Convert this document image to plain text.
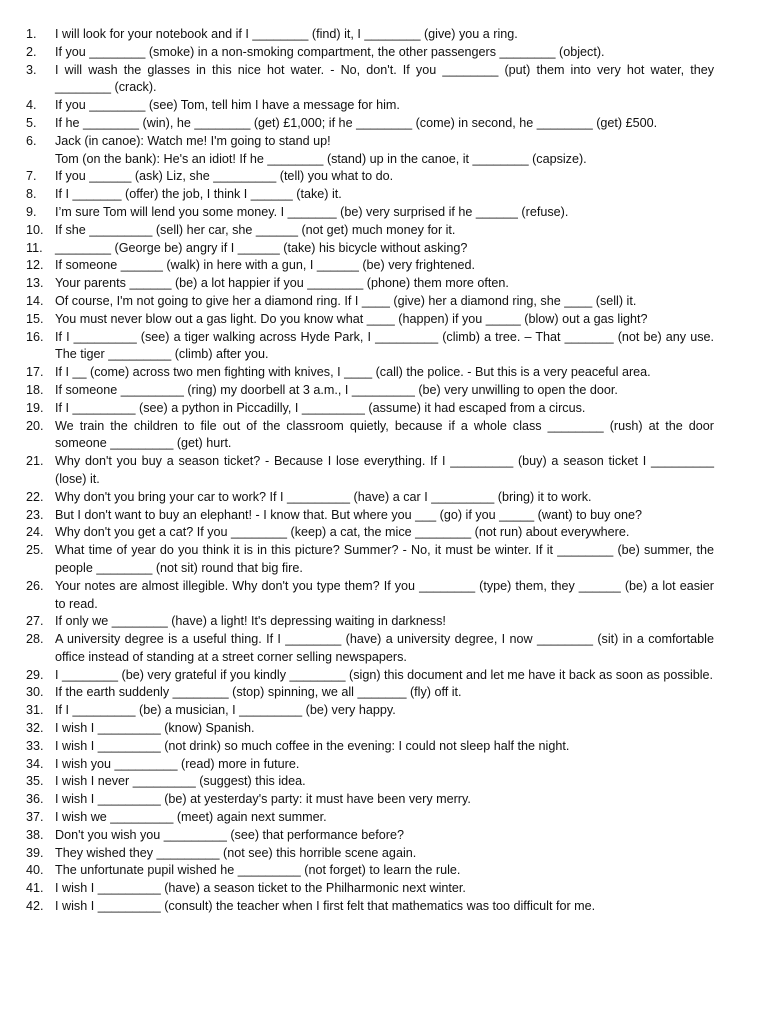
1.	I will look for your notebook and if I ________ (find) it, I ________ (give) you a ring.
2.	If you ________ (smoke) in a non-smoking compartment, the other passengers ________ (object).
3.	I will wash the glasses in this nice hot water. - No, don't. If you ________ (put) them into very hot water, they ________ (crack).
4.	If you ________ (see) Tom, tell him I have a message for him.
5.	If he ________ (win), he ________ (get) £1,000; if he ________ (come) in second, he ________ (get) £500.
6.	Jack (in canoe): Watch me! I'm going to stand up!
Tom (on the bank): He's an idiot! If he ________ (stand) up in the canoe, it ________ (capsize).
7.	If you ______ (ask) Liz, she _________ (tell) you what to do.
8.	If I _______ (offer) the job, I think I ______ (take) it.
9.	I’m sure Tom will lend you some money. I _______ (be) very surprised if he ______ (refuse).
10. If she _________ (sell) her car, she ______ (not get) much money for it.
11. ________ (George be) angry if I ______ (take) his bicycle without asking?
12. If someone ______ (walk) in here with a gun, I ______ (be) very frightened.
13. Your parents ______ (be) a lot happier if you ________ (phone) them more often.
14. Of course, I'm not going to give her a diamond ring. If I ____ (give) her a diamond ring, she ____ (sell) it.
15. You must never blow out a gas light. Do you know what ____ (happen) if you _____ (blow) out a gas light?
16. If I _________ (see) a tiger walking across Hyde Park, I _________ (climb) a tree. – That _______ (not be) any use. The tiger _________ (climb) after you.
17. If I __ (come) across two men fighting with knives, I ____ (call) the police. - But this is a very peaceful area.
18. If someone _________ (ring) my doorbell at 3 a.m., I _________ (be) very unwilling to open the door.
19. If I _________ (see) a python in Piccadilly, I _________ (assume) it had escaped from a circus.
20. We train the children to file out of the classroom quietly, because if a whole class ________ (rush) at the door someone _________ (get) hurt.
21. Why don't you buy a season ticket? - Because I lose everything. If I _________ (buy) a season ticket I _________ (lose) it.
22. Why don't you bring your car to work? If I _________ (have) a car I _________ (bring) it to work.
23. But I don't want to buy an elephant! - I know that. But where you ___ (go) if you _____ (want) to buy one?
24. Why don't you get a cat? If you ________ (keep) a cat, the mice ________ (not run) about everywhere.
25. What time of year do you think it is in this picture? Summer? - No, it must be winter. If it ________ (be) summer, the people ________ (not sit) round that big fire.
26. Your notes are almost illegible. Why don't you type them? If you ________ (type) them, they ______ (be) a lot easier to read.
27. If only we ________ (have) a light! It's depressing waiting in darkness!
28. A university degree is a useful thing. If I ________ (have) a university degree, I now ________ (sit) in a comfortable office instead of standing at a street corner selling newspapers.
29. I ________ (be) very grateful if you kindly ________ (sign) this document and let me have it back as soon as possible.
30. If the earth suddenly ________ (stop) spinning, we all _______ (fly) off it.
31. If I _________ (be) a musician, I _________ (be) very happy.
32. I wish I _________ (know) Spanish.
33. I wish I _________ (not drink) so much coffee in the evening: I could not sleep half the night.
34. I wish you _________ (read) more in future.
35. I wish I never _________ (suggest) this idea.
36. I wish I _________ (be) at yesterday's party: it must have been very merry.
37. I wish we _________ (meet) again next summer.
38. Don't you wish you _________ (see) that performance before?
39. They wished they _________ (not see) this horrible scene again.
40. The unfortunate pupil wished he _________ (not forget) to learn the rule.
41. I wish I _________ (have) a season ticket to the Philharmonic next winter.
42. I wish I _________ (consult) the teacher when I first felt that mathematics was too difficult for me.
